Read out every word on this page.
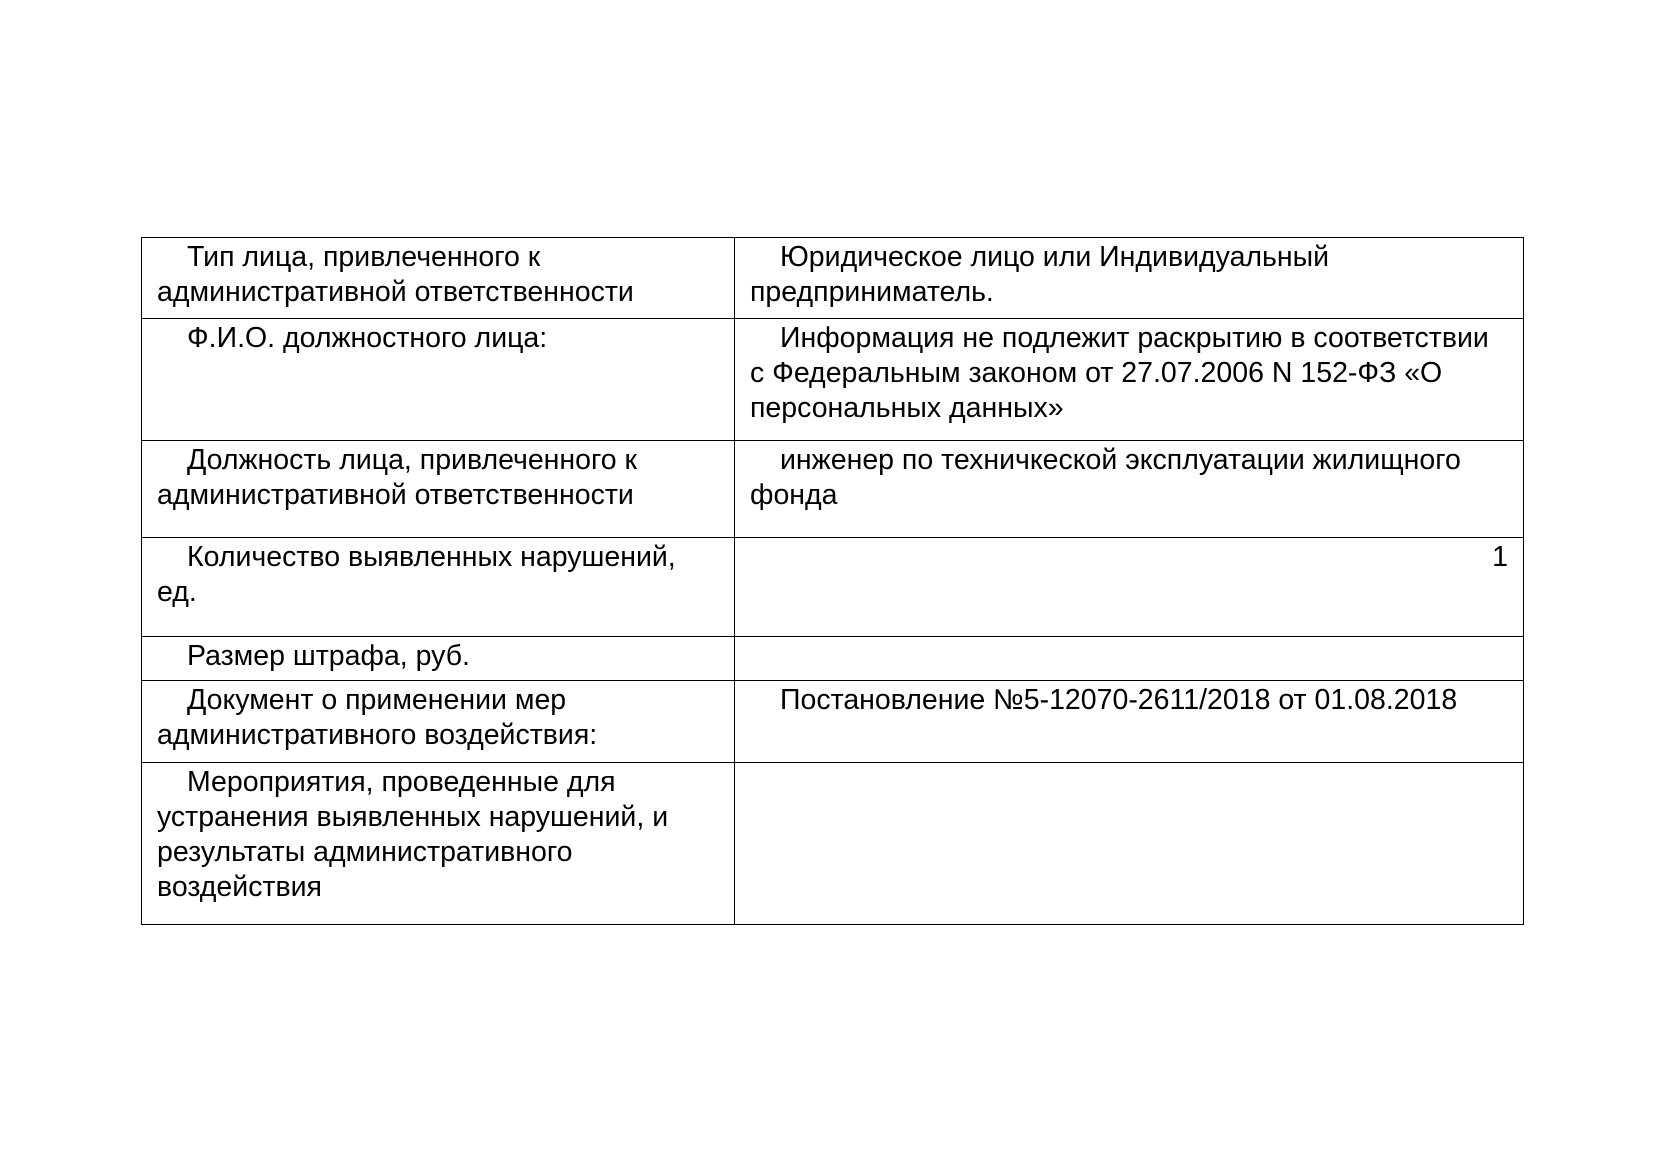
Тип лица, привлеченного к административной ответственности	Юридическое лицо или Индивидуальный предприниматель.

Ф.И.О. должностного лица:	Информация не подлежит раскрытию в соответствии с Федеральным законом от 27.07.2006 N 152-ФЗ «О персональных данных»

Должность лица, привлеченного к административной ответственности	инженер по техничкеской эксплуатации жилищного фонда

Количество выявленных нарушений, ед.	1

Размер штрафа, руб.	

Документ о применении мер административного воздействия:	Постановление №5-12070-2611/2018 от 01.08.2018

Мероприятия, проведенные для устранения выявленных нарушений, и результаты административного воздействия	
